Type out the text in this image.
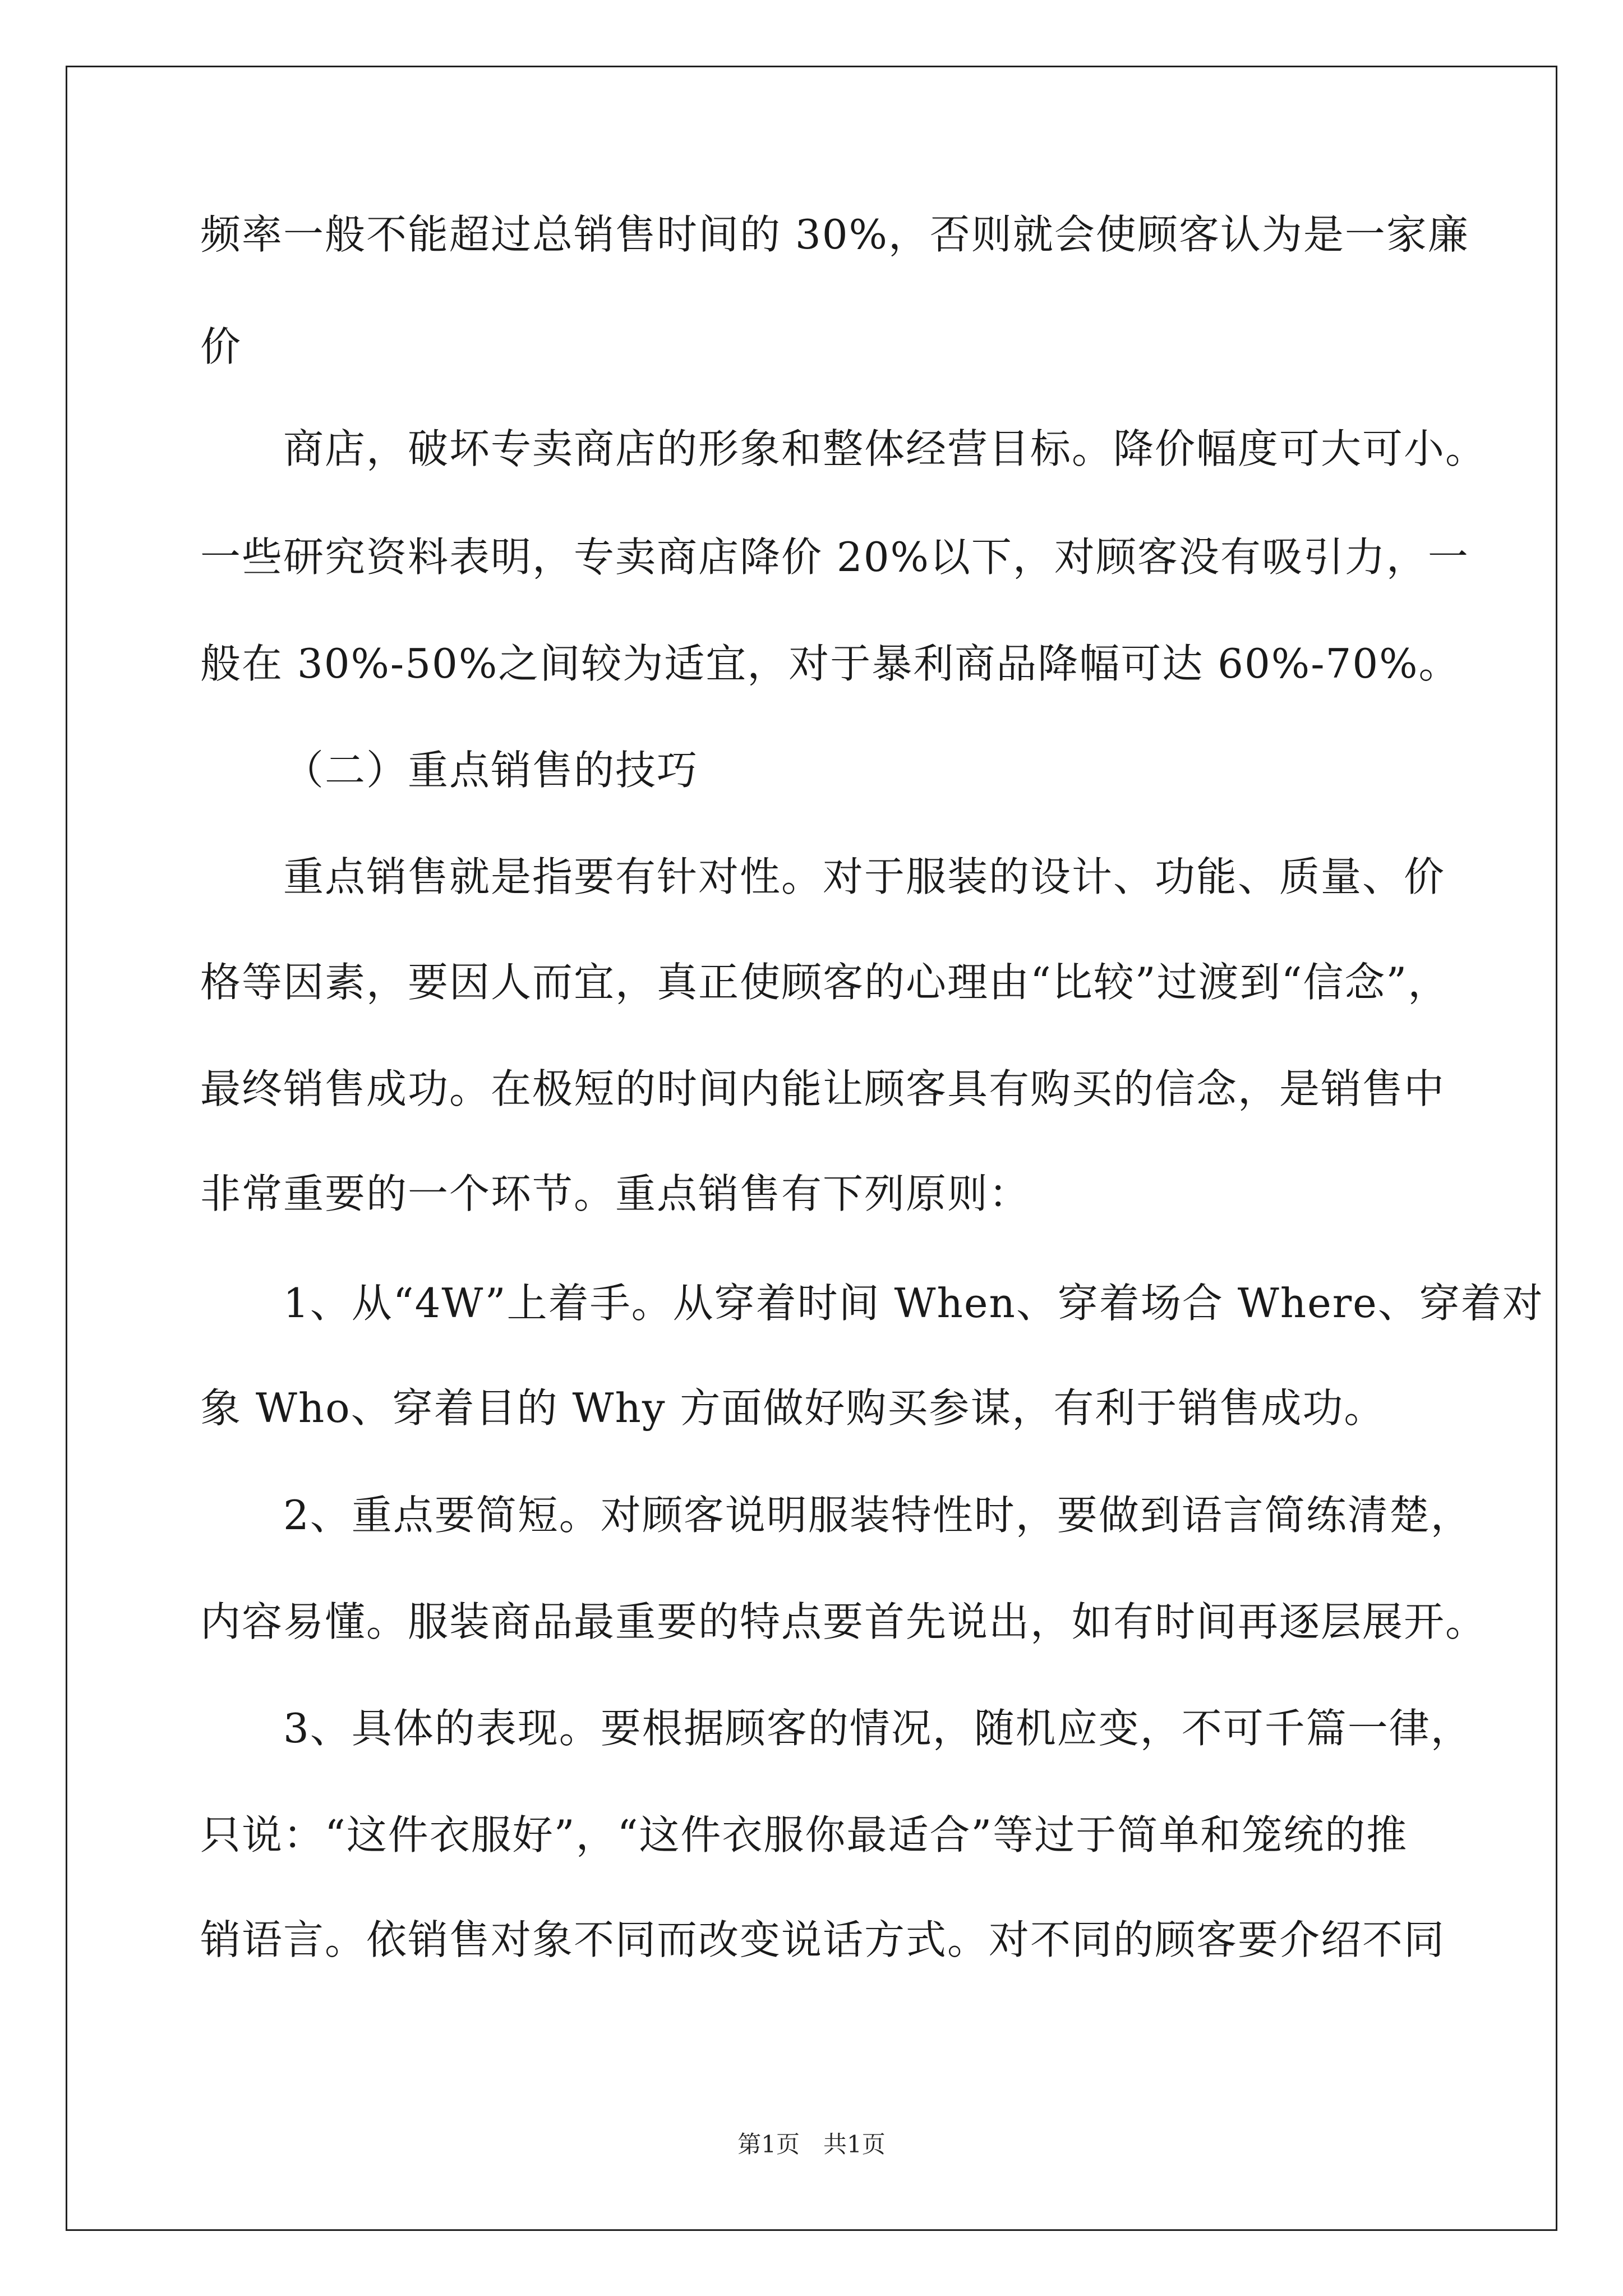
频率一般不能超过总销售时间的 30%，否则就会使顾客认为是一家廉
价
商店，破坏专卖商店的形象和整体经营目标。降价幅度可大可小。
一些研究资料表明，专卖商店降价 20%以下，对顾客没有吸引力，一
般在 30%-50%之间较为适宜，对于暴利商品降幅可达 60%-70%。
（二）重点销售的技巧
重点销售就是指要有针对性。对于服装的设计、功能、质量、价
格等因素，要因人而宜，真正使顾客的心理由“比较”过渡到“信念”，
最终销售成功。在极短的时间内能让顾客具有购买的信念，是销售中
非常重要的一个环节。重点销售有下列原则：
1、从“4W”上着手。从穿着时间 When、穿着场合 Where、穿着对
象 Who、穿着目的 Why 方面做好购买参谋，有利于销售成功。
2、重点要简短。对顾客说明服装特性时，要做到语言简练清楚，
内容易懂。服装商品最重要的特点要首先说出，如有时间再逐层展开。
3、具体的表现。要根据顾客的情况，随机应变，不可千篇一律，
只说：“这件衣服好”，“这件衣服你最适合”等过于简单和笼统的推
销语言。依销售对象不同而改变说话方式。对不同的顾客要介绍不同
第1页　共1页
